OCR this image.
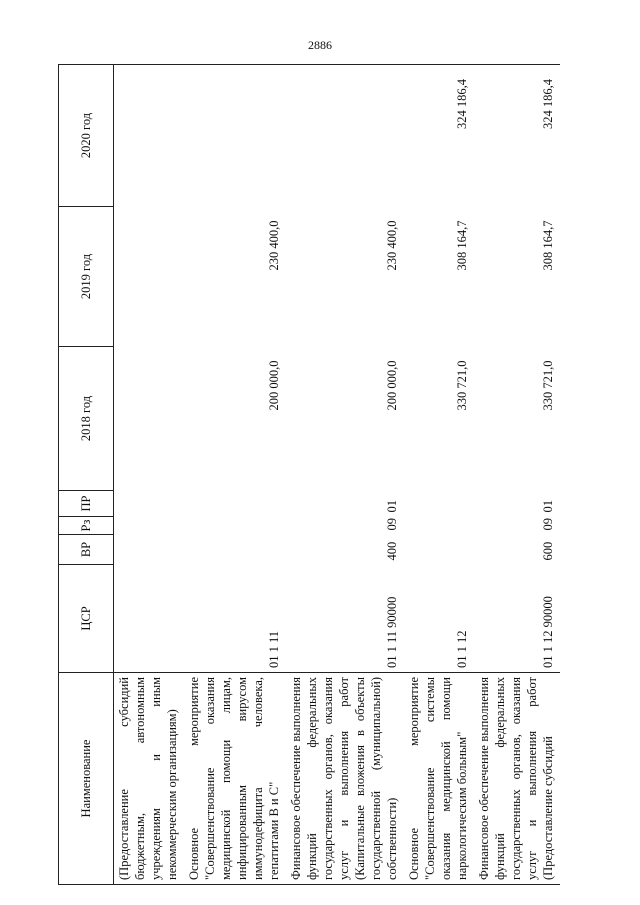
2886
Наименование	ЦСР	ВР	Рз	ПР	2018 год	2019 год	2020 год
(Предоставление субсидий бюджетным, автономным учреждениям и иным некоммерческим организациям)							
Основное мероприятие "Совершенствование оказания медицинской помощи лицам, инфицированным вирусом иммунодефицита человека, гепатитами В и С"	01 1 11				200 000,0	230 400,0	
Финансовое обеспечение выполнения функций федеральных государственных органов, оказания услуг и выполнения работ (Капитальные вложения в объекты государственной (муниципальной) собственности)	01 1 11 90000	400	09	01	200 000,0	230 400,0	
Основное мероприятие "Совершенствование системы оказания медицинской помощи наркологическим больным"	01 1 12				330 721,0	308 164,7	324 186,4
Финансовое обеспечение выполнения функций федеральных государственных органов, оказания услуг и выполнения работ (Предоставление субсидий	01 1 12 90000	600	09	01	330 721,0	308 164,7	324 186,4
